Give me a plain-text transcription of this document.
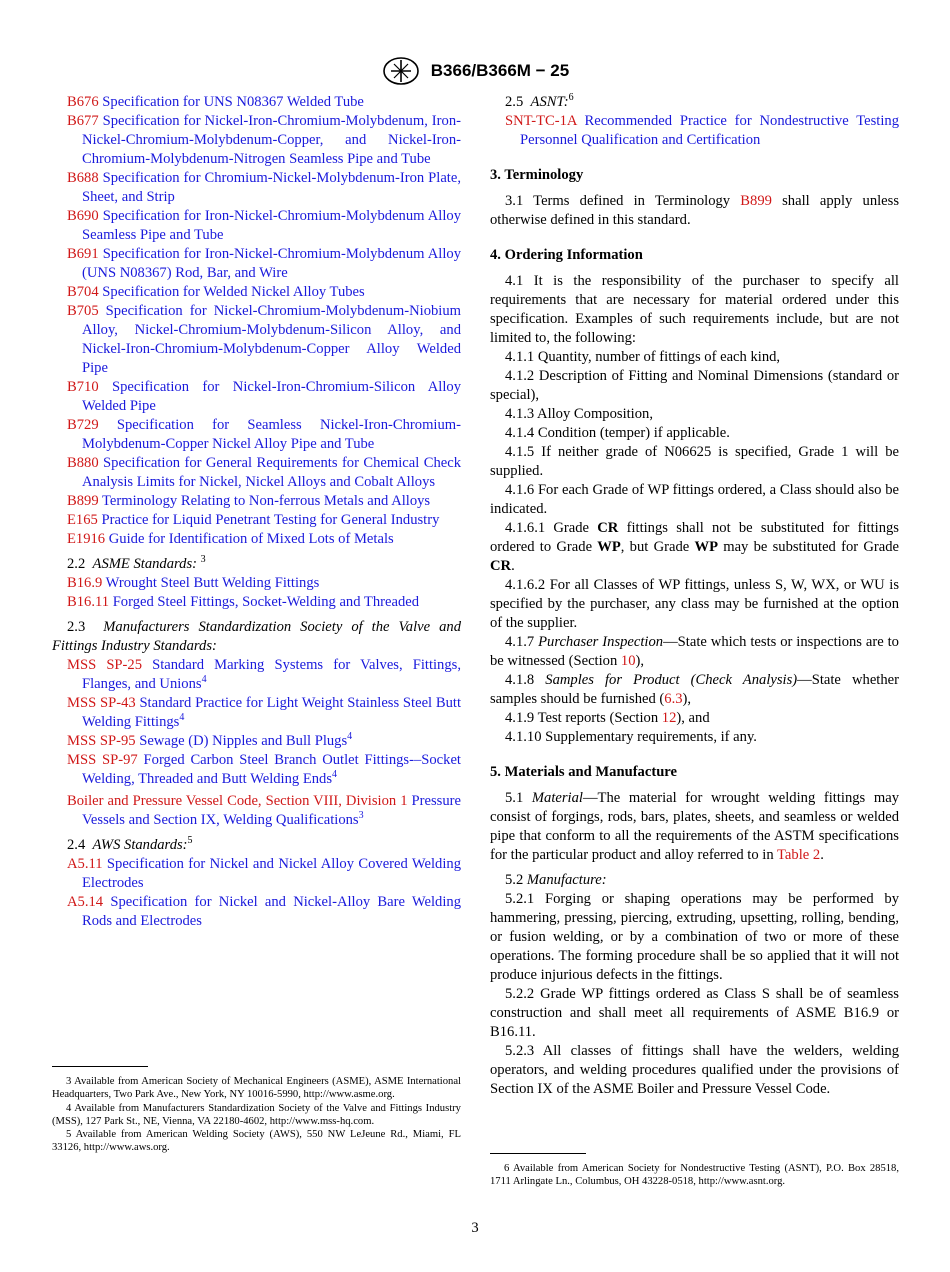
B366/B366M − 25
B676 Specification for UNS N08367 Welded Tube
B677 Specification for Nickel-Iron-Chromium-Molybdenum, Iron-Nickel-Chromium-Molybdenum-Copper, and Nickel-Iron-Chromium-Molybdenum-Nitrogen Seamless Pipe and Tube
B688 Specification for Chromium-Nickel-Molybdenum-Iron Plate, Sheet, and Strip
B690 Specification for Iron-Nickel-Chromium-Molybdenum Alloy Seamless Pipe and Tube
B691 Specification for Iron-Nickel-Chromium-Molybdenum Alloy (UNS N08367) Rod, Bar, and Wire
B704 Specification for Welded Nickel Alloy Tubes
B705 Specification for Nickel-Chromium-Molybdenum-Niobium Alloy, Nickel-Chromium-Molybdenum-Silicon Alloy, and Nickel-Iron-Chromium-Molybdenum-Copper Alloy Welded Pipe
B710 Specification for Nickel-Iron-Chromium-Silicon Alloy Welded Pipe
B729 Specification for Seamless Nickel-Iron-Chromium-Molybdenum-Copper Nickel Alloy Pipe and Tube
B880 Specification for General Requirements for Chemical Check Analysis Limits for Nickel, Nickel Alloys and Cobalt Alloys
B899 Terminology Relating to Non-ferrous Metals and Alloys
E165 Practice for Liquid Penetrant Testing for General Industry
E1916 Guide for Identification of Mixed Lots of Metals
2.2 ASME Standards: $^3$
B16.9 Wrought Steel Butt Welding Fittings
B16.11 Forged Steel Fittings, Socket-Welding and Threaded
2.3 Manufacturers Standardization Society of the Valve and Fittings Industry Standards:
MSS SP-25 Standard Marking Systems for Valves, Fittings, Flanges, and Unions$^4$
MSS SP-43 Standard Practice for Light Weight Stainless Steel Butt Welding Fittings$^4$
MSS SP-95 Sewage (D) Nipples and Bull Plugs$^4$
MSS SP-97 Forged Carbon Steel Branch Outlet Fittings-–Socket Welding, Threaded and Butt Welding Ends$^4$
Boiler and Pressure Vessel Code, Section VIII, Division 1 Pressure Vessels and Section IX, Welding Qualifications$^3$
2.4 AWS Standards:$^5$
A5.11 Specification for Nickel and Nickel Alloy Covered Welding Electrodes
A5.14 Specification for Nickel and Nickel-Alloy Bare Welding Rods and Electrodes
3 Available from American Society of Mechanical Engineers (ASME), ASME International Headquarters, Two Park Ave., New York, NY 10016-5990, http://www.asme.org.
4 Available from Manufacturers Standardization Society of the Valve and Fittings Industry (MSS), 127 Park St., NE, Vienna, VA 22180-4602, http://www.mss-hq.com.
5 Available from American Welding Society (AWS), 550 NW LeJeune Rd., Miami, FL 33126, http://www.aws.org.
2.5 ASNT:$^6$
SNT-TC-1A Recommended Practice for Nondestructive Testing Personnel Qualification and Certification
3. Terminology
3.1 Terms defined in Terminology B899 shall apply unless otherwise defined in this standard.
4. Ordering Information
4.1 It is the responsibility of the purchaser to specify all requirements that are necessary for material ordered under this specification. Examples of such requirements include, but are not limited to, the following:
4.1.1 Quantity, number of fittings of each kind,
4.1.2 Description of Fitting and Nominal Dimensions (standard or special),
4.1.3 Alloy Composition,
4.1.4 Condition (temper) if applicable.
4.1.5 If neither grade of N06625 is specified, Grade 1 will be supplied.
4.1.6 For each Grade of WP fittings ordered, a Class should also be indicated.
4.1.6.1 Grade CR fittings shall not be substituted for fittings ordered to Grade WP, but Grade WP may be substituted for Grade CR.
4.1.6.2 For all Classes of WP fittings, unless S, W, WX, or WU is specified by the purchaser, any class may be furnished at the option of the supplier.
4.1.7 Purchaser Inspection—State which tests or inspections are to be witnessed (Section 10),
4.1.8 Samples for Product (Check Analysis)—State whether samples should be furnished (6.3),
4.1.9 Test reports (Section 12), and
4.1.10 Supplementary requirements, if any.
5. Materials and Manufacture
5.1 Material—The material for wrought welding fittings may consist of forgings, rods, bars, plates, sheets, and seamless or welded pipe that conform to all the requirements of the ASTM specifications for the particular product and alloy referred to in Table 2.
5.2 Manufacture:
5.2.1 Forging or shaping operations may be performed by hammering, pressing, piercing, extruding, upsetting, rolling, bending, or fusion welding, or by a combination of two or more of these operations. The forming procedure shall be so applied that it will not produce injurious defects in the fittings.
5.2.2 Grade WP fittings ordered as Class S shall be of seamless construction and shall meet all requirements of ASME B16.9 or B16.11.
5.2.3 All classes of fittings shall have the welders, welding operators, and welding procedures qualified under the provisions of Section IX of the ASME Boiler and Pressure Vessel Code.
6 Available from American Society for Nondestructive Testing (ASNT), P.O. Box 28518, 1711 Arlingate Ln., Columbus, OH 43228-0518, http://www.asnt.org.
3
